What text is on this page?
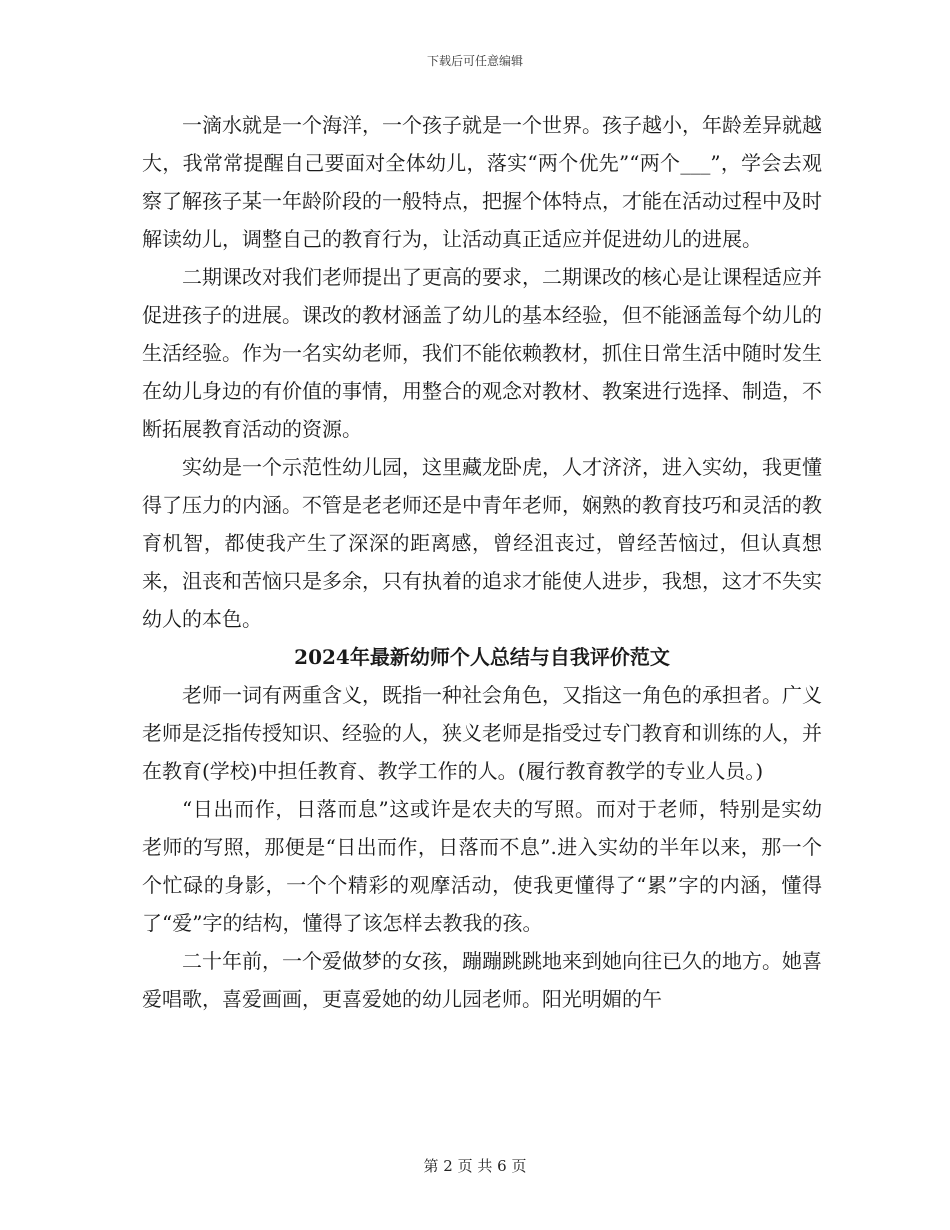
下载后可任意编辑

一滴水就是一个海洋，一个孩子就是一个世界。孩子越小，年龄差异就越大，我常常提醒自己要面对全体幼儿，落实“两个优先”“两个___”，学会去观察了解孩子某一年龄阶段的一般特点，把握个体特点，才能在活动过程中及时解读幼儿，调整自己的教育行为，让活动真正适应并促进幼儿的进展。

二期课改对我们老师提出了更高的要求，二期课改的核心是让课程适应并促进孩子的进展。课改的教材涵盖了幼儿的基本经验，但不能涵盖每个幼儿的生活经验。作为一名实幼老师，我们不能依赖教材，抓住日常生活中随时发生在幼儿身边的有价值的事情，用整合的观念对教材、教案进行选择、制造，不断拓展教育活动的资源。

实幼是一个示范性幼儿园，这里藏龙卧虎，人才济济，进入实幼，我更懂得了压力的内涵。不管是老老师还是中青年老师，娴熟的教育技巧和灵活的教育机智，都使我产生了深深的距离感，曾经沮丧过，曾经苦恼过，但认真想来，沮丧和苦恼只是多余，只有执着的追求才能使人进步，我想，这才不失实幼人的本色。

2024年最新幼师个人总结与自我评价范文

老师一词有两重含义，既指一种社会角色，又指这一角色的承担者。广义老师是泛指传授知识、经验的人，狭义老师是指受过专门教育和训练的人，并在教育(学校)中担任教育、教学工作的人。(履行教育教学的专业人员。)

“日出而作，日落而息”这或许是农夫的写照。而对于老师，特别是实幼老师的写照，那便是“日出而作，日落而不息”.进入实幼的半年以来，那一个个忙碌的身影，一个个精彩的观摩活动，使我更懂得了“累”字的内涵，懂得了“爱”字的结构，懂得了该怎样去教我的孩。

二十年前，一个爱做梦的女孩，蹦蹦跳跳地来到她向往已久的地方。她喜爱唱歌，喜爱画画，更喜爱她的幼儿园老师。阳光明媚的午

第 2 页 共 6 页
